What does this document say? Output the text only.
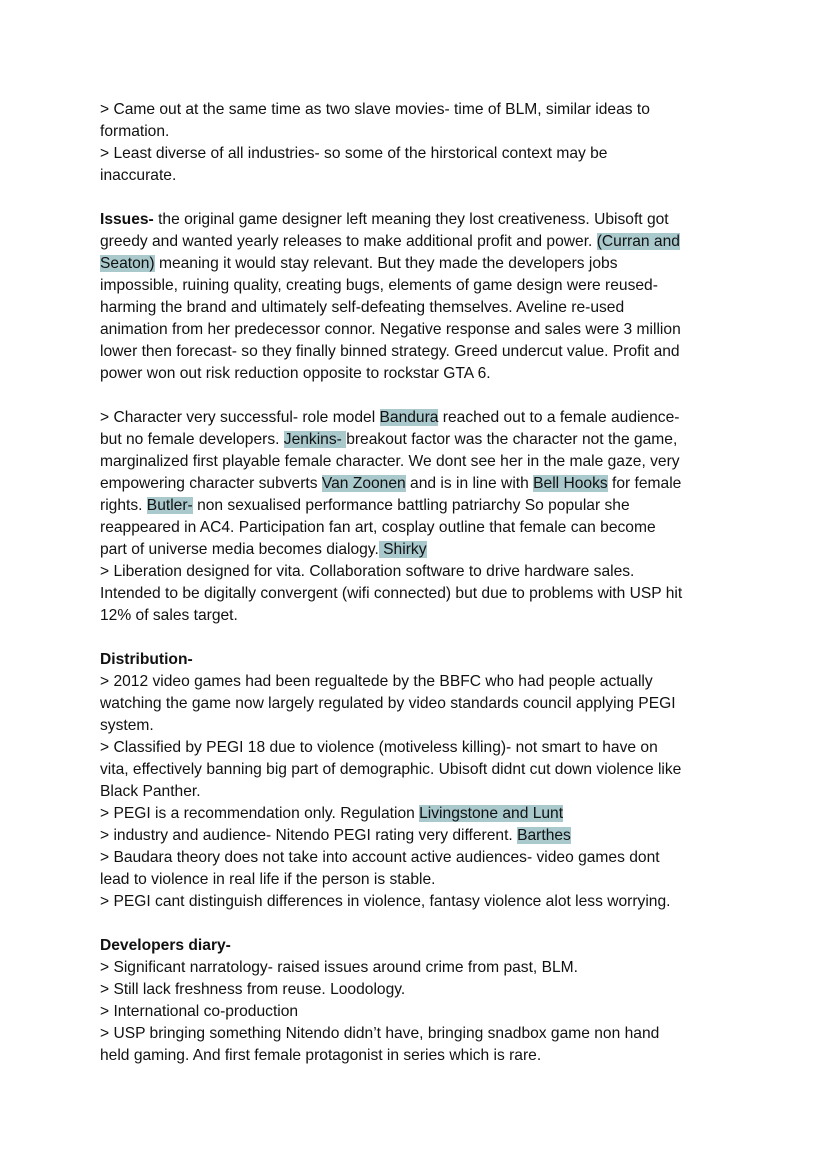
> Came out at the same time as two slave movies- time of BLM, similar ideas to
formation.
> Least diverse of all industries- so some of the hirstorical context may be
inaccurate.
Issues- the original game designer left meaning they lost creativeness. Ubisoft got
greedy and wanted yearly releases to make additional profit and power. (Curran and
Seaton) meaning it would stay relevant. But they made the developers jobs
impossible, ruining quality, creating bugs, elements of game design were reused-
harming the brand and ultimately self-defeating themselves. Aveline re-used
animation from her predecessor connor. Negative response and sales were 3 million
lower then forecast- so they finally binned strategy. Greed undercut value. Profit and
power won out risk reduction opposite to rockstar GTA 6.
> Character very successful- role model Bandura reached out to a female audience-
but no female developers. Jenkins- breakout factor was the character not the game,
marginalized first playable female character. We dont see her in the male gaze, very
empowering character subverts Van Zoonen and is in line with Bell Hooks for female
rights. Butler- non sexualised performance battling patriarchy So popular she
reappeared in AC4. Participation fan art, cosplay outline that female can become
part of universe media becomes dialogy. Shirky
> Liberation designed for vita. Collaboration software to drive hardware sales.
Intended to be digitally convergent (wifi connected) but due to problems with USP hit
12% of sales target.
Distribution-
> 2012 video games had been regualtede by the BBFC who had people actually
watching the game now largely regulated by video standards council applying PEGI
system.
> Classified by PEGI 18 due to violence (motiveless killing)- not smart to have on
vita, effectively banning big part of demographic. Ubisoft didnt cut down violence like
Black Panther.
> PEGI is a recommendation only. Regulation Livingstone and Lunt
> industry and audience- Nitendo PEGI rating very different. Barthes
> Baudara theory does not take into account active audiences- video games dont
lead to violence in real life if the person is stable.
> PEGI cant distinguish differences in violence, fantasy violence alot less worrying.
Developers diary-
> Significant narratology- raised issues around crime from past, BLM.
> Still lack freshness from reuse. Loodology.
> International co-production
> USP bringing something Nitendo didn’t have, bringing snadbox game non hand
held gaming. And first female protagonist in series which is rare.
